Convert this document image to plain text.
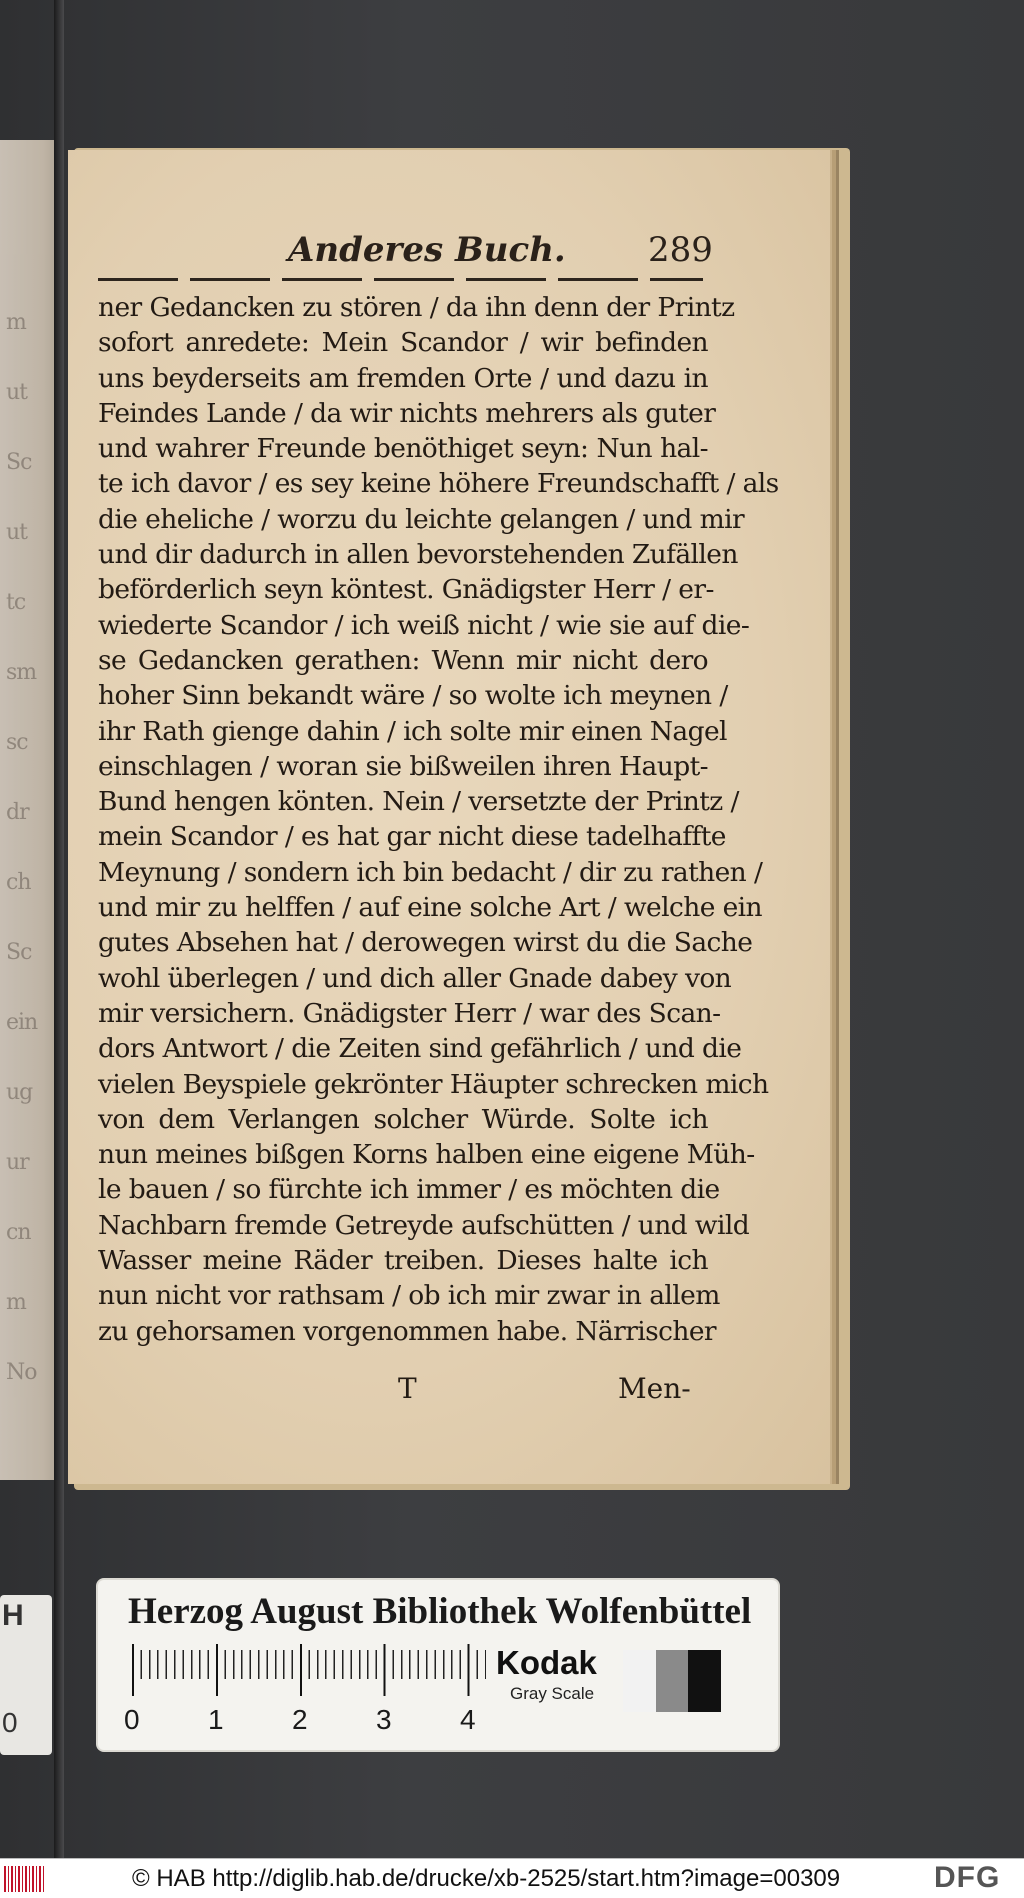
m
ut
Sc
ut
tc
sm
sc
dr
ch
Sc
ein
ug
ur
cn
m
No
Anderes Buch. 289
ner Gedancken zu stören / da ihn denn der Printz
sofort anredete: Mein Scandor / wir befinden
uns beyderseits am fremden Orte / und dazu in
Feindes Lande / da wir nichts mehrers als guter
und wahrer Freunde benöthiget seyn: Nun hal-
te ich davor / es sey keine höhere Freundschafft / als
die eheliche / worzu du leichte gelangen / und mir
und dir dadurch in allen bevorstehenden Zufällen
beförderlich seyn köntest. Gnädigster Herr / er-
wiederte Scandor / ich weiß nicht / wie sie auf die-
se Gedancken gerathen: Wenn mir nicht dero
hoher Sinn bekandt wäre / so wolte ich meynen /
ihr Rath gienge dahin / ich solte mir einen Nagel
einschlagen / woran sie bißweilen ihren Haupt-
Bund hengen könten. Nein / versetzte der Printz /
mein Scandor / es hat gar nicht diese tadelhaffte
Meynung / sondern ich bin bedacht / dir zu rathen /
und mir zu helffen / auf eine solche Art / welche ein
gutes Absehen hat / derowegen wirst du die Sache
wohl überlegen / und dich aller Gnade dabey von
mir versichern. Gnädigster Herr / war des Scan-
dors Antwort / die Zeiten sind gefährlich / und die
vielen Beyspiele gekrönter Häupter schrecken mich
von dem Verlangen solcher Würde. Solte ich
nun meines bißgen Korns halben eine eigene Müh-
le bauen / so fürchte ich immer / es möchten die
Nachbarn fremde Getreyde aufschütten / und wild
Wasser meine Räder treiben. Dieses halte ich
nun nicht vor rathsam / ob ich mir zwar in allem
zu gehorsamen vorgenommen habe. Närrischer
T	Men-
H
0
Herzog August Bibliothek Wolfenbüttel
0 1 2 3 4
Kodak
Gray Scale
© HAB http://diglib.hab.de/drucke/xb-2525/start.htm?image=00309	DFG
